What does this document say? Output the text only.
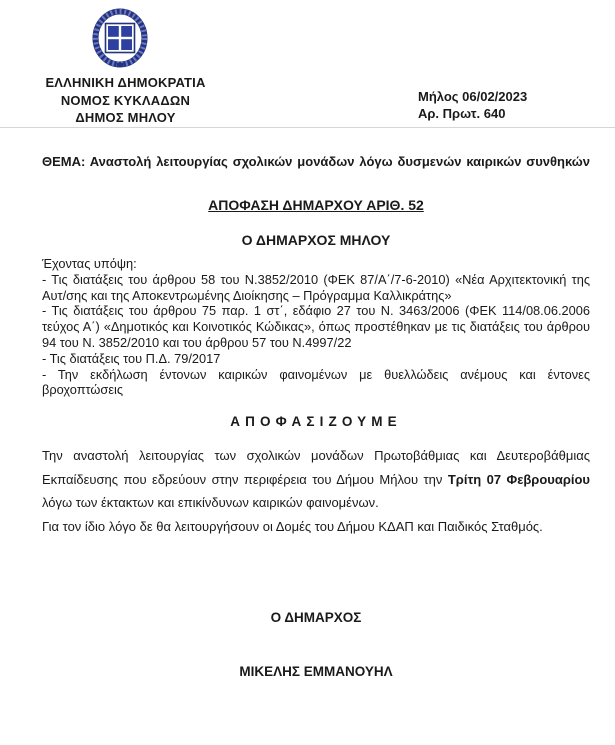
ΕΛΛΗΝΙΚΗ ΔΗΜΟΚΡΑΤΙΑ
ΝΟΜΟΣ ΚΥΚΛΑΔΩΝ
ΔΗΜΟΣ ΜΗΛΟΥ
Μήλος 06/02/2023
Αρ. Πρωτ. 640
ΘΕΜΑ: Αναστολή λειτουργίας σχολικών μονάδων λόγω δυσμενών καιρικών συνθηκών
ΑΠΟΦΑΣΗ ΔΗΜΑΡΧΟΥ ΑΡΙΘ. 52
Ο ΔΗΜΑΡΧΟΣ ΜΗΛΟΥ
Έχοντας υπόψη:
- Τις διατάξεις του άρθρου 58 του Ν.3852/2010 (ΦΕΚ 87/Α΄/7-6-2010) «Νέα Αρχιτεκτονική της Αυτ/σης και της Αποκεντρωμένης Διοίκησης – Πρόγραμμα Καλλικράτης»
- Τις διατάξεις του άρθρου 75 παρ. 1 στ΄, εδάφιο 27 του Ν. 3463/2006 (ΦΕΚ 114/08.06.2006 τεύχος Α΄) «Δημοτικός και Κοινοτικός Κώδικας», όπως προστέθηκαν με τις διατάξεις του άρθρου 94 του Ν. 3852/2010 και του άρθρου 57 του Ν.4997/22
- Τις διατάξεις του Π.Δ. 79/2017
- Την εκδήλωση έντονων καιρικών φαινομένων με θυελλώδεις ανέμους και έντονες βροχοπτώσεις
ΑΠΟΦΑΣΙΖΟΥΜΕ
Την αναστολή λειτουργίας των σχολικών μονάδων Πρωτοβάθμιας και Δευτεροβάθμιας Εκπαίδευσης που εδρεύουν στην περιφέρεια του Δήμου Μήλου την Τρίτη 07 Φεβρουαρίου λόγω των έκτακτων και επικίνδυνων καιρικών φαινομένων.
Για τον ίδιο λόγο δε θα λειτουργήσουν οι Δομές του Δήμου ΚΔΑΠ και Παιδικός Σταθμός.
Ο ΔΗΜΑΡΧΟΣ
ΜΙΚΕΛΗΣ ΕΜΜΑΝΟΥΗΛ
